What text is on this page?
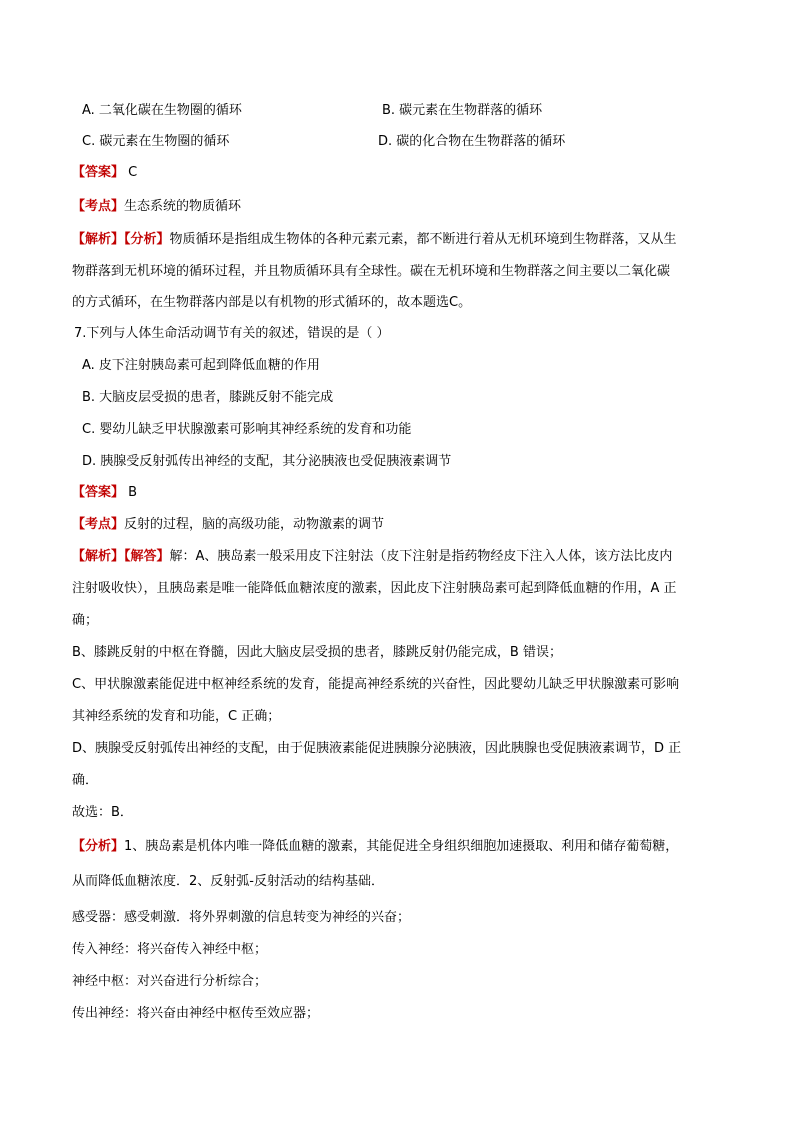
A. 二氧化碳在生物圈的循环	B. 碳元素在生物群落的循环
C. 碳元素在生物圈的循环	D. 碳的化合物在生物群落的循环
【答案】 C
【考点】生态系统的物质循环
【解析】【分析】物质循环是指组成生物体的各种元素元素，都不断进行着从无机环境到生物群落，又从生
物群落到无机环境的循环过程，并且物质循环具有全球性。碳在无机环境和生物群落之间主要以二氧化碳
的方式循环，在生物群落内部是以有机物的形式循环的，故本题选C。
7.下列与人体生命活动调节有关的叙述，错误的是（ ）
A. 皮下注射胰岛素可起到降低血糖的作用
B. 大脑皮层受损的患者，膝跳反射不能完成
C. 婴幼儿缺乏甲状腺激素可影响其神经系统的发育和功能
D. 胰腺受反射弧传出神经的支配，其分泌胰液也受促胰液素调节
【答案】 B
【考点】反射的过程，脑的高级功能，动物激素的调节
【解析】【解答】解：A、胰岛素一般采用皮下注射法（皮下注射是指药物经皮下注入人体，该方法比皮内
注射吸收快），且胰岛素是唯一能降低血糖浓度的激素，因此皮下注射胰岛素可起到降低血糖的作用，A 正
确；
B、膝跳反射的中枢在脊髓，因此大脑皮层受损的患者，膝跳反射仍能完成，B 错误；
C、甲状腺激素能促进中枢神经系统的发育，能提高神经系统的兴奋性，因此婴幼儿缺乏甲状腺激素可影响
其神经系统的发育和功能，C 正确；
D、胰腺受反射弧传出神经的支配，由于促胰液素能促进胰腺分泌胰液，因此胰腺也受促胰液素调节，D 正
确．
故选：B．
【分析】1、胰岛素是机体内唯一降低血糖的激素，其能促进全身组织细胞加速摄取、利用和储存葡萄糖，
从而降低血糖浓度．2、反射弧-反射活动的结构基础．
感受器：感受刺激．将外界刺激的信息转变为神经的兴奋；
传入神经：将兴奋传入神经中枢；
神经中枢：对兴奋进行分析综合；
传出神经：将兴奋由神经中枢传至效应器；
